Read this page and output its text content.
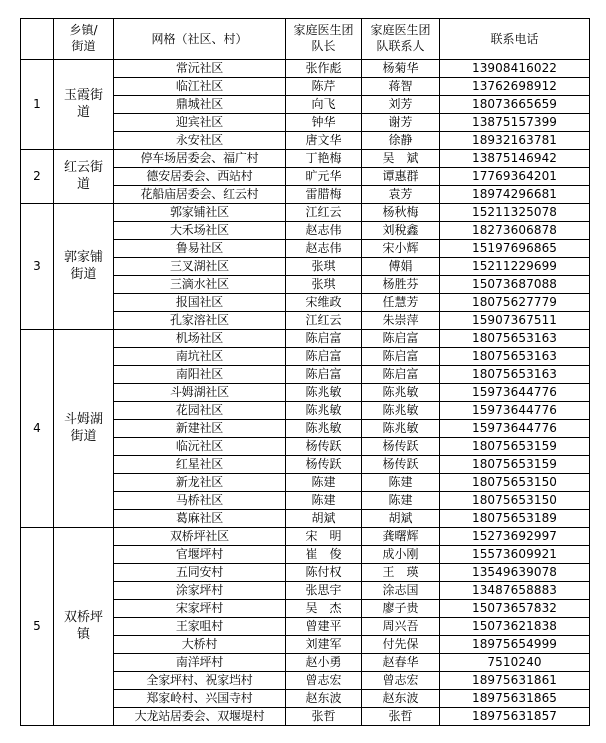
	乡镇/街道	网格（社区、村）	家庭医生团队长	家庭医生团队联系人	联系电话
1	玉霞街道	常沅社区	张作彪	杨菊华	13908416022
		临江社区	陈芹	蒋智	13762698912
		鼎城社区	向飞	刘芳	18073665659
		迎宾社区	钟华	谢芳	13875157399
		永安社区	唐文华	徐静	18932163781
2	红云街道	停车场居委会、福广村	丁艳梅	吴　斌	13875146942
		德安居委会、西站村	旷元华	谭惠群	17769364201
		花船庙居委会、红云村	雷腊梅	袁芳	18974296681
3	郭家铺街道	郭家铺社区	江红云	杨秋梅	15211325078
		大禾场社区	赵志伟	刘稅鑫	18273606878
		鲁易社区	赵志伟	宋小辉	15197696865
		三叉湖社区	张琪	傅娟	15211229699
		三滴水社区	张琪	杨胜芬	15073687088
		报国社区	宋维政	任慧芳	18075627779
		孔家溶社区	江红云	朱崇萍	15907367511
4	斗姆湖街道	机场社区	陈启富	陈启富	18075653163
		南坑社区	陈启富	陈启富	18075653163
		南阳社区	陈启富	陈启富	18075653163
		斗姆湖社区	陈兆敏	陈兆敏	15973644776
		花园社区	陈兆敏	陈兆敏	15973644776
		新建社区	陈兆敏	陈兆敏	15973644776
		临沅社区	杨传跃	杨传跃	18075653159
		红星社区	杨传跃	杨传跃	18075653159
		新龙社区	陈建	陈建	18075653150
		马桥社区	陈建	陈建	18075653150
		葛麻社区	胡斌	胡斌	18075653189
5	双桥坪镇	双桥坪社区	宋　明	龚曙辉	15273692997
		官堰坪村	崔　俊	成小刚	15573609921
		五同安村	陈付权	王　瑛	13549639078
		涂家坪村	张思宇	涂志国	13487658883
		宋家坪村	吴　杰	廖子贵	15073657832
		王家咀村	曾建平	周兴吾	15073621838
		大桥村	刘建军	付先保	18975654999
		南洋坪村	赵小勇	赵春华	7510240
		全家坪村、祝家垱村	曾志宏	曾志宏	18975631861
		郑家岭村、兴国寺村	赵东波	赵东波	18975631865
		大龙站居委会、双堰堤村	张哲	张哲	18975631857
